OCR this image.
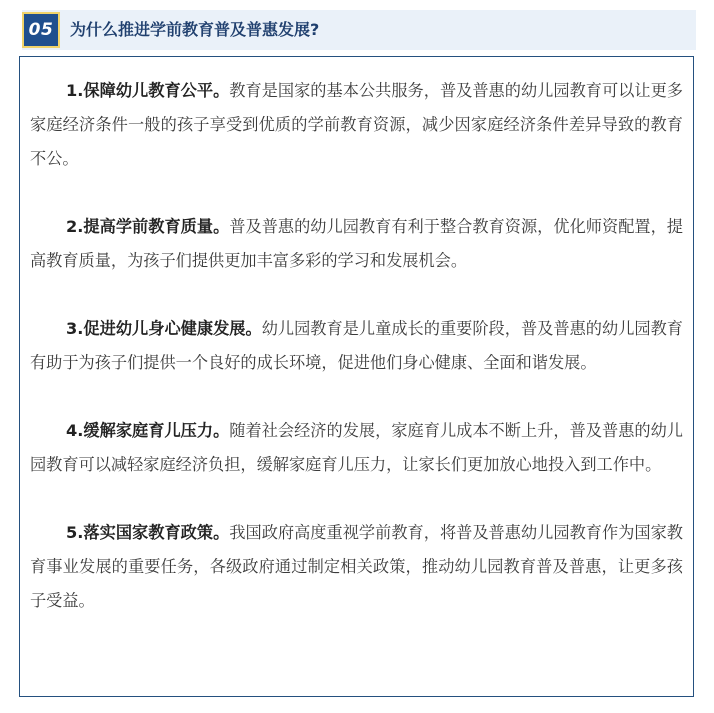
05	为什么推进学前教育普及普惠发展?

1.保障幼儿教育公平。教育是国家的基本公共服务，普及普惠的幼儿园教育可以让更多家庭经济条件一般的孩子享受到优质的学前教育资源，减少因家庭经济条件差异导致的教育不公。

2.提高学前教育质量。普及普惠的幼儿园教育有利于整合教育资源，优化师资配置，提高教育质量，为孩子们提供更加丰富多彩的学习和发展机会。

3.促进幼儿身心健康发展。幼儿园教育是儿童成长的重要阶段，普及普惠的幼儿园教育有助于为孩子们提供一个良好的成长环境，促进他们身心健康、全面和谐发展。

4.缓解家庭育儿压力。随着社会经济的发展，家庭育儿成本不断上升，普及普惠的幼儿园教育可以减轻家庭经济负担，缓解家庭育儿压力，让家长们更加放心地投入到工作中。

5.落实国家教育政策。我国政府高度重视学前教育，将普及普惠幼儿园教育作为国家教育事业发展的重要任务，各级政府通过制定相关政策，推动幼儿园教育普及普惠，让更多孩子受益。
